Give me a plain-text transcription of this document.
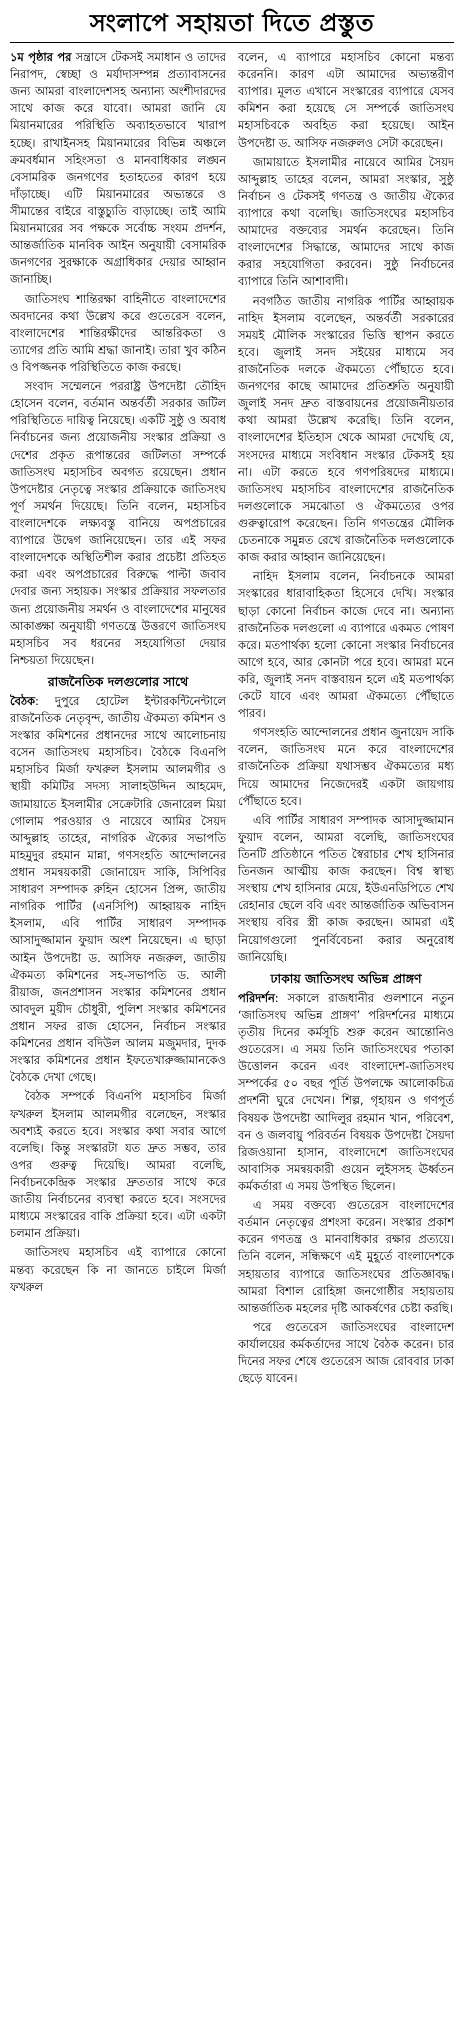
সংলাপে সহায়তা দিতে প্রস্তুত

১ম পৃষ্ঠার পর সন্ত্রাসে টেকসই সমাধান ও তাদের নিরাপদ, স্বেচ্ছা ও মর্যাদাসম্পন্ন প্রত্যাবাসনের জন্য আমরা বাংলাদেশসহ অন্যান্য অংশীদারদের সাথে কাজ করে যাবো। আমরা জানি যে মিয়ানমারের পরিস্থিতি অব্যাহতভাবে খারাপ হচ্ছে। রাখাইনসহ মিয়ানমারের বিভিন্ন অঞ্চলে ক্রমবর্ধমান সহিংসতা ও মানবাধিকার লঙ্ঘন বেসামরিক জনগণের হতাহতের কারণ হয়ে দাঁড়াচ্ছে। এটি মিয়ানমারের অভ্যন্তরে ও সীমান্তের বাইরে বাস্তুচ্যুতি বাড়াচ্ছে। তাই আমি মিয়ানমারের সব পক্ষকে সর্বোচ্চ সংযম প্রদর্শন, আন্তর্জাতিক মানবিক আইন অনুযায়ী বেসামরিক জনগণের সুরক্ষাকে অগ্রাধিকার দেয়ার আহ্বান জানাচ্ছি।

জাতিসংঘ শান্তিরক্ষা বাহিনীতে বাংলাদেশের অবদানের কথা উল্লেখ করে গুতেরেস বলেন, বাংলাদেশের শান্তিরক্ষীদের আন্তরিকতা ও ত্যাগের প্রতি আমি শ্রদ্ধা জানাই। তারা খুব কঠিন ও বিপজ্জনক পরিস্থিতিতে কাজ করছে।

সংবাদ সম্মেলনে পররাষ্ট্র উপদেষ্টা তৌহিদ হোসেন বলেন, বর্তমান অন্তর্বর্তী সরকার জটিল পরিস্থিতিতে দায়িত্ব নিয়েছে। একটি সুষ্ঠু ও অবাধ নির্বাচনের জন্য প্রয়োজনীয় সংস্কার প্রক্রিয়া ও দেশের প্রকৃত রূপান্তরের জটিলতা সম্পর্কে জাতিসংঘ মহাসচিব অবগত রয়েছেন। প্রধান উপদেষ্টার নেতৃত্বে সংস্কার প্রক্রিয়াকে জাতিসংঘ পূর্ণ সমর্থন দিয়েছে। তিনি বলেন, মহাসচিব বাংলাদেশকে লক্ষ্যবস্তু বানিয়ে অপপ্রচারের ব্যাপারে উদ্বেগ জানিয়েছেন। তার এই সফর বাংলাদেশকে অস্থিতিশীল করার প্রচেষ্টা প্রতিহত করা এবং অপপ্রচারের বিরুদ্ধে পাল্টা জবাব দেবার জন্য সহায়ক। সংস্কার প্রক্রিয়ার সফলতার জন্য প্রয়োজনীয় সমর্থন ও বাংলাদেশের মানুষের আকাঙ্ক্ষা অনুযায়ী গণতন্ত্রে উত্তরণে জাতিসংঘ মহাসচিব সব ধরনের সহযোগিতা দেয়ার নিশ্চয়তা দিয়েছেন।

রাজনৈতিক দলগুলোর সাথে

বৈঠক: দুপুরে হোটেল ইন্টারকন্টিনেন্টালে রাজনৈতিক নেতৃবৃন্দ, জাতীয় ঐকমত্য কমিশন ও সংস্কার কমিশনের প্রধানদের সাথে আলোচনায় বসেন জাতিসংঘ মহাসচিব। বৈঠকে বিএনপি মহাসচিব মির্জা ফখরুল ইসলাম আলমগীর ও স্থায়ী কমিটির সদস্য সালাহউদ্দিন আহমেদ, জামায়াতে ইসলামীর সেক্রেটারি জেনারেল মিয়া গোলাম পরওয়ার ও নায়েবে আমির সৈয়দ আব্দুল্লাহ তাহের, নাগরিক ঐক্যের সভাপতি মাহমুদুর রহমান মান্না, গণসংহতি আন্দোলনের প্রধান সমন্বয়কারী জোনায়েদ সাকি, সিপিবির সাধারণ সম্পাদক রুহিন হোসেন প্রিন্স, জাতীয় নাগরিক পার্টির (এনসিপি) আহ্বায়ক নাহিদ ইসলাম, এবি পার্টির সাধারণ সম্পাদক আসাদুজ্জামান ফুয়াদ অংশ নিয়েছেন। এ ছাড়া আইন উপদেষ্টা ড. আসিফ নজরুল, জাতীয় ঐকমত্য কমিশনের সহ-সভাপতি ড. আলী রীয়াজ, জনপ্রশাসন সংস্কার কমিশনের প্রধান আবদুল মুয়ীদ চৌধুরী, পুলিশ সংস্কার কমিশনের প্রধান সফর রাজ হোসেন, নির্বাচন সংস্কার কমিশনের প্রধান বদিউল আলম মজুমদার, দুদক সংস্কার কমিশনের প্রধান ইফতেখারুজ্জামানকেও বৈঠকে দেখা গেছে।

বৈঠক সম্পর্কে বিএনপি মহাসচিব মির্জা ফখরুল ইসলাম আলমগীর বলেছেন, সংস্কার অবশ্যই করতে হবে। সংস্কার কথা সবার আগে বলেছি। কিন্তু সংস্কারটা যত দ্রুত সম্ভব, তার ওপর গুরুত্ব দিয়েছি। আমরা বলেছি, নির্বাচনকেন্দ্রিক সংস্কার দ্রুততার সাথে করে জাতীয় নির্বাচনের ব্যবস্থা করতে হবে। সংসদের মাধ্যমে সংস্কারের বাকি প্রক্রিয়া হবে। এটা একটা চলমান প্রক্রিয়া।

জাতিসংঘ মহাসচিব এই ব্যাপারে কোনো মন্তব্য করেছেন কি না জানতে চাইলে মির্জা ফখরুল

বলেন, এ ব্যাপারে মহাসচিব কোনো মন্তব্য করেননি। কারণ এটা আমাদের অভ্যন্তরীণ ব্যাপার। মূলত এখানে সংস্কারের ব্যাপারে যেসব কমিশন করা হয়েছে সে সম্পর্কে জাতিসংঘ মহাসচিবকে অবহিত করা হয়েছে। আইন উপদেষ্টা ড. আসিফ নজরুলও সেটা করেছেন।

জামায়াতে ইসলামীর নায়েবে আমির সৈয়দ আব্দুল্লাহ তাহের বলেন, আমরা সংস্কার, সুষ্ঠু নির্বাচন ও টেকসই গণতন্ত্র ও জাতীয় ঐক্যের ব্যাপারে কথা বলেছি। জাতিসংঘের মহাসচিব আমাদের বক্তব্যের সমর্থন করেছেন। তিনি বাংলাদেশের সিদ্ধান্তে, আমাদের সাথে কাজ করার সহযোগিতা করবেন। সুষ্ঠু নির্বাচনের ব্যাপারে তিনি আশাবাদী।

নবগঠিত জাতীয় নাগরিক পার্টির আহ্বায়ক নাহিদ ইসলাম বলেছেন, অন্তর্বর্তী সরকারের সময়ই মৌলিক সংস্কারের ভিত্তি স্থাপন করতে হবে। জুলাই সনদ সইয়ের মাধ্যমে সব রাজনৈতিক দলকে ঐকমত্যে পৌঁছাতে হবে। জনগণের কাছে আমাদের প্রতিশ্রুতি অনুযায়ী জুলাই সনদ দ্রুত বাস্তবায়নের প্রয়োজনীয়তার কথা আমরা উল্লেখ করেছি। তিনি বলেন, বাংলাদেশের ইতিহাস থেকে আমরা দেখেছি যে, সংসদের মাধ্যমে সংবিধান সংস্কার টেকসই হয় না। এটা করতে হবে গণপরিষদের মাধ্যমে। জাতিসংঘ মহাসচিব বাংলাদেশের রাজনৈতিক দলগুলোকে সমঝোতা ও ঐকমত্যের ওপর গুরুত্বারোপ করেছেন। তিনি গণতন্ত্রের মৌলিক চেতনাকে সমুন্নত রেখে রাজনৈতিক দলগুলোকে কাজ করার আহ্বান জানিয়েছেন।

নাহিদ ইসলাম বলেন, নির্বাচনকে আমরা সংস্কারের ধারাবাহিকতা হিসেবে দেখি। সংস্কার ছাড়া কোনো নির্বাচন কাজে দেবে না। অন্যান্য রাজনৈতিক দলগুলো এ ব্যাপারে একমত পোষণ করে। মতপার্থক্য হলো কোনো সংস্কার নির্বাচনের আগে হবে, আর কোনটা পরে হবে। আমরা মনে করি, জুলাই সনদ বাস্তবায়ন হলে এই মতপার্থক্য কেটে যাবে এবং আমরা ঐকমত্যে পৌঁছাতে পারব।

গণসংহতি আন্দোলনের প্রধান জুনায়েদ সাকি বলেন, জাতিসংঘ মনে করে বাংলাদেশের রাজনৈতিক প্রক্রিয়া যথাসম্ভব ঐকমত্যের মধ্য দিয়ে আমাদের নিজেদেরই একটা জায়গায় পৌঁছাতে হবে।

এবি পার্টির সাধারণ সম্পাদক আসাদুজ্জামান ফুয়াদ বলেন, আমরা বলেছি, জাতিসংঘের তিনটি প্রতিষ্ঠানে পতিত স্বৈরাচার শেখ হাসিনার তিনজন আত্মীয় কাজ করছেন। বিশ্ব স্বাস্থ্য সংস্থায় শেখ হাসিনার মেয়ে, ইউএনডিপিতে শেখ রেহানার ছেলে ববি এবং আন্তর্জাতিক অভিবাসন সংস্থায় ববির স্ত্রী কাজ করছেন। আমরা এই নিয়োগগুলো পুনর্বিবেচনা করার অনুরোধ জানিয়েছি।

ঢাকায় জাতিসংঘ অভিন্ন প্রাঙ্গণ

পরিদর্শন: সকালে রাজধানীর গুলশানে নতুন ‘জাতিসংঘ অভিন্ন প্রাঙ্গণ’ পরিদর্শনের মাধ্যমে তৃতীয় দিনের কর্মসূচি শুরু করেন আন্তোনিও গুতেরেস। এ সময় তিনি জাতিসংঘের পতাকা উত্তোলন করেন এবং বাংলাদেশ-জাতিসংঘ সম্পর্কের ৫০ বছর পূর্তি উপলক্ষে আলোকচিত্র প্রদর্শনী ঘুরে দেখেন। শিল্প, গৃহায়ন ও গণপূর্ত বিষয়ক উপদেষ্টা আদিলুর রহমান খান, পরিবেশ, বন ও জলবায়ু পরিবর্তন বিষয়ক উপদেষ্টা সৈয়দা রিজওয়ানা হাসান, বাংলাদেশে জাতিসংঘের আবাসিক সমন্বয়কারী গুয়েন লুইসসহ ঊর্ধ্বতন কর্মকর্তারা এ সময় উপস্থিত ছিলেন।

এ সময় বক্তব্যে গুতেরেস বাংলাদেশের বর্তমান নেতৃত্বের প্রশংসা করেন। সংস্কার প্রকাশ করেন গণতন্ত্র ও মানবাধিকার রক্ষার প্রত্যয়ে। তিনি বলেন, সন্ধিক্ষণে এই মুহূর্তে বাংলাদেশকে সহায়তার ব্যাপারে জাতিসংঘের প্রতিজ্ঞাবদ্ধ। আমরা বিশাল রোহিঙ্গা জনগোষ্ঠীর সহায়তায় আন্তর্জাতিক মহলের দৃষ্টি আকর্ষণের চেষ্টা করছি।

পরে গুতেরেস জাতিসংঘের বাংলাদেশ কার্যালয়ের কর্মকর্তাদের সাথে বৈঠক করেন। চার দিনের সফর শেষে গুতেরেস আজ রোববার ঢাকা ছেড়ে যাবেন।
